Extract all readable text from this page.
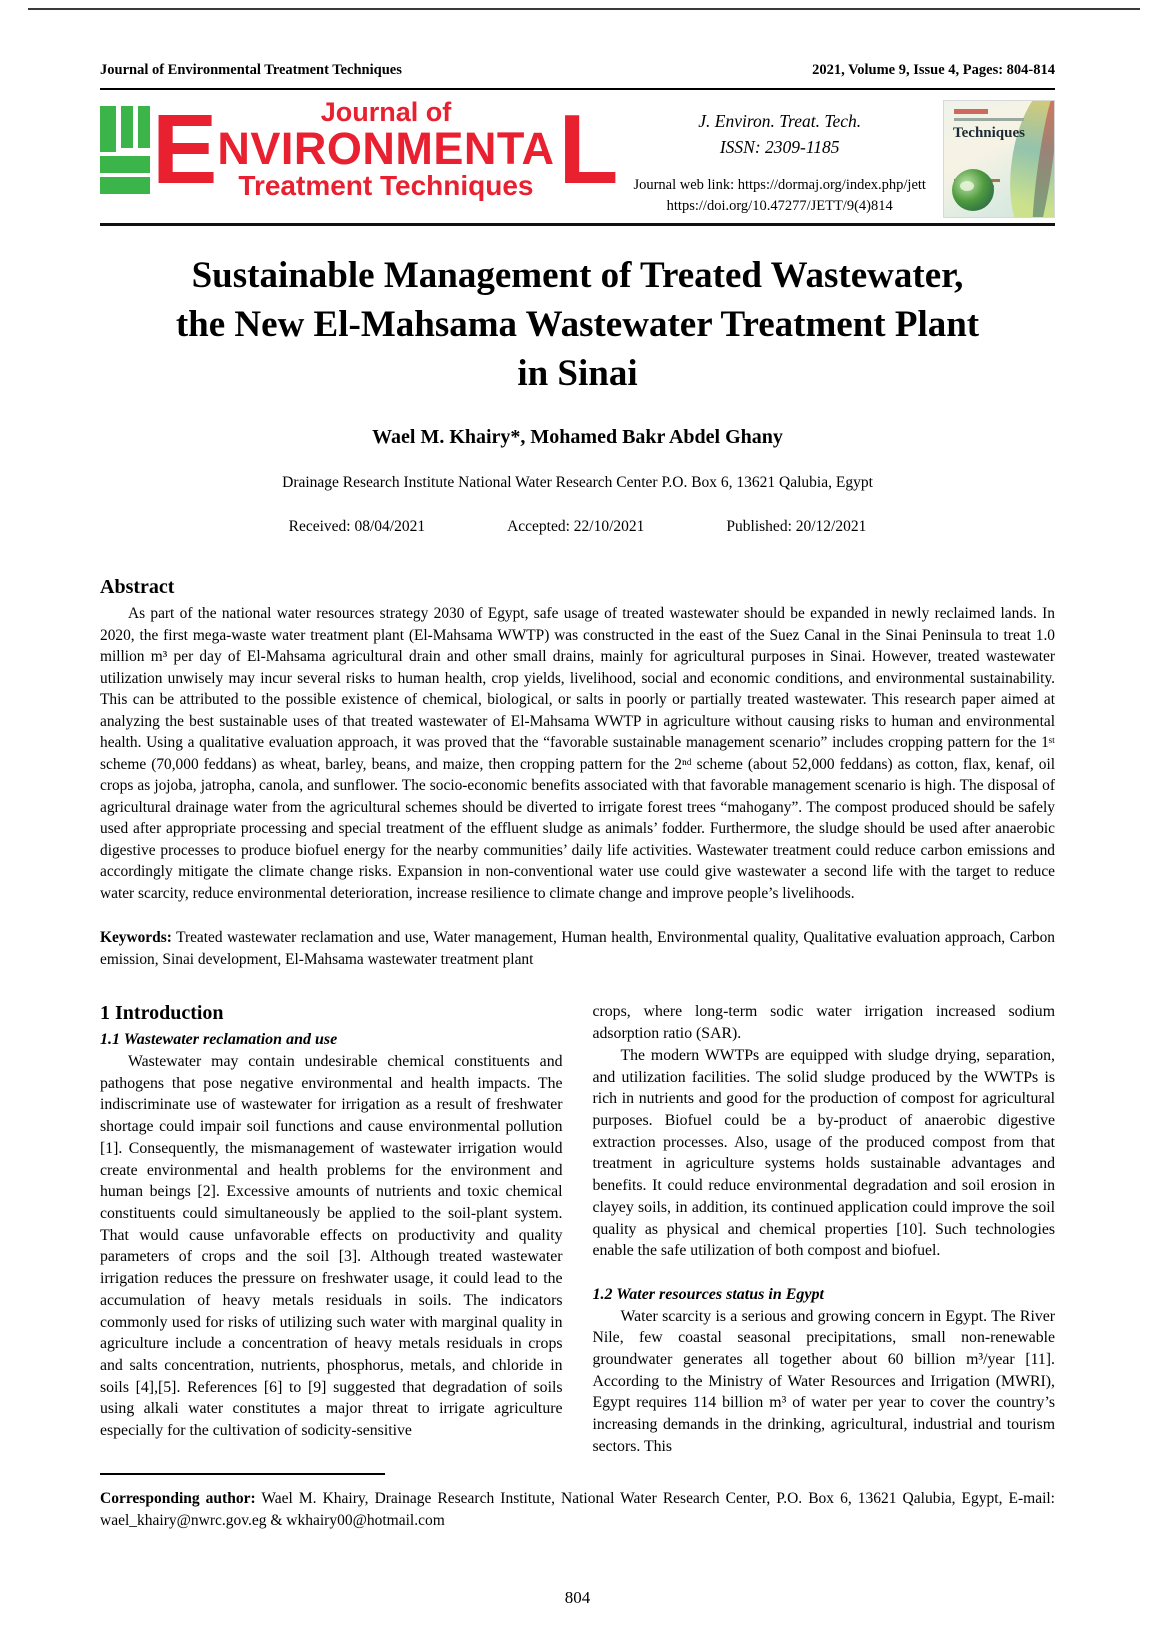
Journal of Environmental Treatment Techniques	2021, Volume 9, Issue 4, Pages: 804-814
E	Journal of
NVIRONMENTA
Treatment Techniques L	J. Environ. Treat. Tech.
ISSN: 2309-1185
Journal web link: https://dormaj.org/index.php/jett
https://doi.org/10.47277/JETT/9(4)814
Techniques
Sustainable Management of Treated Wastewater,
the New El-Mahsama Wastewater Treatment Plant
in Sinai
Wael M. Khairy*, Mohamed Bakr Abdel Ghany
Drainage Research Institute National Water Research Center P.O. Box 6, 13621 Qalubia, Egypt
Received: 08/04/2021	Accepted: 22/10/2021	Published: 20/12/2021
Abstract
As part of the national water resources strategy 2030 of Egypt, safe usage of treated wastewater should be expanded in newly reclaimed lands. In 2020, the first mega-waste water treatment plant (El-Mahsama WWTP) was constructed in the east of the Suez Canal in the Sinai Peninsula to treat 1.0 million m³ per day of El-Mahsama agricultural drain and other small drains, mainly for agricultural purposes in Sinai. However, treated wastewater utilization unwisely may incur several risks to human health, crop yields, livelihood, social and economic conditions, and environmental sustainability. This can be attributed to the possible existence of chemical, biological, or salts in poorly or partially treated wastewater. This research paper aimed at analyzing the best sustainable uses of that treated wastewater of El-Mahsama WWTP in agriculture without causing risks to human and environmental health. Using a qualitative evaluation approach, it was proved that the “favorable sustainable management scenario” includes cropping pattern for the 1ˢᵗ scheme (70,000 feddans) as wheat, barley, beans, and maize, then cropping pattern for the 2ⁿᵈ scheme (about 52,000 feddans) as cotton, flax, kenaf, oil crops as jojoba, jatropha, canola, and sunflower. The socio-economic benefits associated with that favorable management scenario is high. The disposal of agricultural drainage water from the agricultural schemes should be diverted to irrigate forest trees “mahogany”. The compost produced should be safely used after appropriate processing and special treatment of the effluent sludge as animals’ fodder. Furthermore, the sludge should be used after anaerobic digestive processes to produce biofuel energy for the nearby communities’ daily life activities. Wastewater treatment could reduce carbon emissions and accordingly mitigate the climate change risks. Expansion in non-conventional water use could give wastewater a second life with the target to reduce water scarcity, reduce environmental deterioration, increase resilience to climate change and improve people’s livelihoods.
Keywords: Treated wastewater reclamation and use, Water management, Human health, Environmental quality, Qualitative evaluation approach, Carbon emission, Sinai development, El-Mahsama wastewater treatment plant
1 Introduction
1.1 Wastewater reclamation and use

Wastewater may contain undesirable chemical constituents and pathogens that pose negative environmental and health impacts. The indiscriminate use of wastewater for irrigation as a result of freshwater shortage could impair soil functions and cause environmental pollution [1]. Consequently, the mismanagement of wastewater irrigation would create environmental and health problems for the environment and human beings [2]. Excessive amounts of nutrients and toxic chemical constituents could simultaneously be applied to the soil-plant system. That would cause unfavorable effects on productivity and quality parameters of crops and the soil [3]. Although treated wastewater irrigation reduces the pressure on freshwater usage, it could lead to the accumulation of heavy metals residuals in soils. The indicators commonly used for risks of utilizing such water with marginal quality in agriculture include a concentration of heavy metals residuals in crops and salts concentration, nutrients, phosphorus, metals, and chloride in soils [4],[5]. References [6] to [9] suggested that degradation of soils using alkali water constitutes a major threat to irrigate agriculture especially for the cultivation of sodicity-sensitive

crops, where long-term sodic water irrigation increased sodium adsorption ratio (SAR).

The modern WWTPs are equipped with sludge drying, separation, and utilization facilities. The solid sludge produced by the WWTPs is rich in nutrients and good for the production of compost for agricultural purposes. Biofuel could be a by-product of anaerobic digestive extraction processes. Also, usage of the produced compost from that treatment in agriculture systems holds sustainable advantages and benefits. It could reduce environmental degradation and soil erosion in clayey soils, in addition, its continued application could improve the soil quality as physical and chemical properties [10]. Such technologies enable the safe utilization of both compost and biofuel.

1.2 Water resources status in Egypt

Water scarcity is a serious and growing concern in Egypt. The River Nile, few coastal seasonal precipitations, small non-renewable groundwater generates all together about 60 billion m³/year [11]. According to the Ministry of Water Resources and Irrigation (MWRI), Egypt requires 114 billion m³ of water per year to cover the country’s increasing demands in the drinking, agricultural, industrial and tourism sectors. This

Corresponding author: Wael M. Khairy, Drainage Research Institute, National Water Research Center, P.O. Box 6, 13621 Qalubia, Egypt, E-mail: wael_khairy@nwrc.gov.eg & wkhairy00@hotmail.com
804
